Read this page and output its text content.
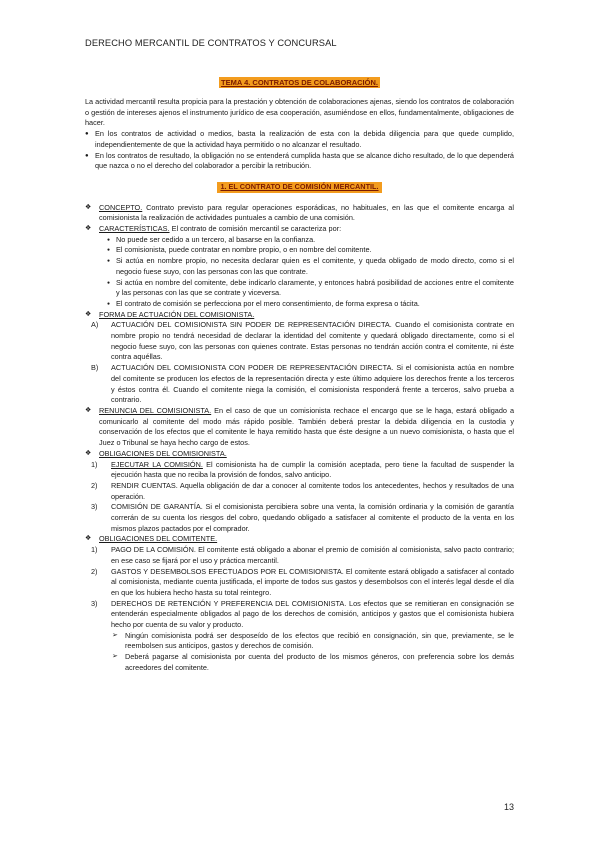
DERECHO MERCANTIL DE CONTRATOS Y CONCURSAL
TEMA 4. CONTRATOS DE COLABORACIÓN.

La actividad mercantil resulta propicia para la prestación y obtención de colaboraciones ajenas, siendo los contratos de colaboración o gestión de intereses ajenos el instrumento jurídico de esa cooperación, asumiéndose en ellos, fundamentalmente, obligaciones de hacer.

● En los contratos de actividad o medios, basta la realización de esta con la debida diligencia para que quede cumplido, independientemente de que la actividad haya permitido o no alcanzar el resultado.
● En los contratos de resultado, la obligación no se entenderá cumplida hasta que se alcance dicho resultado, de lo que dependerá que nazca o no el derecho del colaborador a percibir la retribución.
1. EL CONTRATO DE COMISIÓN MERCANTIL.
❖	CONCEPTO. Contrato previsto para regular operaciones esporádicas, no habituales, en las que el comitente encarga al comisionista la realización de actividades puntuales a cambio de una comisión.
❖	CARACTERÍSTICAS. El contrato de comisión mercantil se caracteriza por:
● No puede ser cedido a un tercero, al basarse en la confianza.
● El comisionista, puede contratar en nombre propio, o en nombre del comitente.
● Si actúa en nombre propio, no necesita declarar quien es el comitente, y queda obligado de modo directo, como si el negocio fuese suyo, con las personas con las que contrate.
● Si actúa en nombre del comitente, debe indicarlo claramente, y entonces habrá posibilidad de acciones entre el comitente y las personas con las que se contrate y viceversa.
● El contrato de comisión se perfecciona por el mero consentimiento, de forma expresa o tácita.
❖	FORMA DE ACTUACIÓN DEL COMISIONISTA.
A)	ACTUACIÓN DEL COMISIONISTA SIN PODER DE REPRESENTACIÓN DIRECTA. Cuando el comisionista contrate en nombre propio no tendrá necesidad de declarar la identidad del comitente y quedará obligado directamente, como si el negocio fuese suyo, con las personas con quienes contrate. Estas personas no tendrán acción contra el comitente, ni éste contra aquéllas.
B)	ACTUACIÓN DEL COMISIONISTA CON PODER DE REPRESENTACIÓN DIRECTA. Si el comisionista actúa en nombre del comitente se producen los efectos de la representación directa y este último adquiere los derechos frente a los terceros y éstos contra él. Cuando el comitente niega la comisión, el comisionista responderá frente a terceros, salvo prueba a contrario.
❖	RENUNCIA DEL COMISIONISTA. En el caso de que un comisionista rechace el encargo que se le haga, estará obligado a comunicarlo al comitente del modo más rápido posible. También deberá prestar la debida diligencia en la custodia y conservación de los efectos que el comitente le haya remitido hasta que éste designe a un nuevo comisionista, o hasta que el Juez o Tribunal se haya hecho cargo de estos.
❖	OBLIGACIONES DEL COMISIONISTA.
1)	EJECUTAR LA COMISIÓN. El comisionista ha de cumplir la comisión aceptada, pero tiene la facultad de suspender la ejecución hasta que no reciba la provisión de fondos, salvo anticipo.
2)	RENDIR CUENTAS. Aquella obligación de dar a conocer al comitente todos los antecedentes, hechos y resultados de una operación.
3)	COMISIÓN DE GARANTÍA. Si el comisionista percibiera sobre una venta, la comisión ordinaria y la comisión de garantía correrán de su cuenta los riesgos del cobro, quedando obligado a satisfacer al comitente el producto de la venta en los mismos plazos pactados por el comprador.
❖	OBLIGACIONES DEL COMITENTE.
1)	PAGO DE LA COMISIÓN. El comitente está obligado a abonar el premio de comisión al comisionista, salvo pacto contrario; en ese caso se fijará por el uso y práctica mercantil.
2)	GASTOS Y DESEMBOLSOS EFECTUADOS POR EL COMISIONISTA. El comitente estará obligado a satisfacer al contado al comisionista, mediante cuenta justificada, el importe de todos sus gastos y desembolsos con el interés legal desde el día en que los hubiera hecho hasta su total reintegro.
3)	DERECHOS DE RETENCIÓN Y PREFERENCIA DEL COMISIONISTA. Los efectos que se remitieran en consignación se entenderán especialmente obligados al pago de los derechos de comisión, anticipos y gastos que el comisionista hubiera hecho por cuenta de su valor y producto.
➢ Ningún comisionista podrá ser desposeído de los efectos que recibió en consignación, sin que, previamente, se le reembolsen sus anticipos, gastos y derechos de comisión.
➢ Deberá pagarse al comisionista por cuenta del producto de los mismos géneros, con preferencia sobre los demás acreedores del comitente.
13
